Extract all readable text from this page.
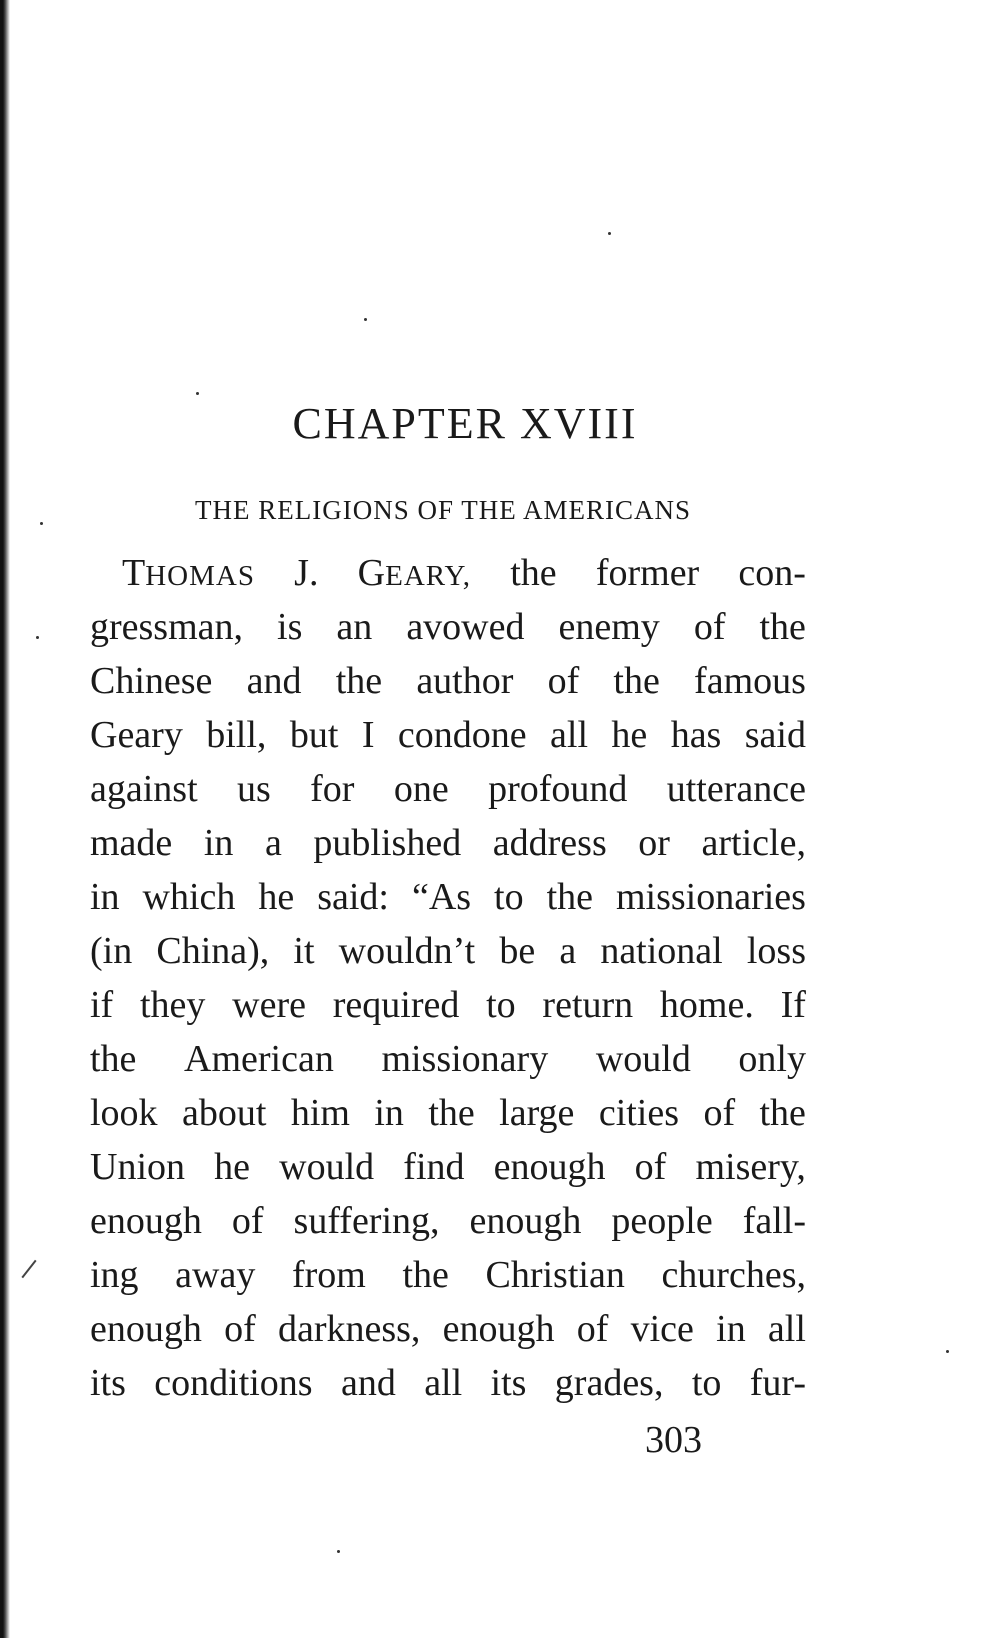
CHAPTER XVIII
THE RELIGIONS OF THE AMERICANS
THOMAS J. GEARY, the former con-
gressman, is an avowed enemy of the
Chinese and the author of the famous
Geary bill, but I condone all he has said
against us for one profound utterance
made in a published address or article,
in which he said: “As to the missionaries
(in China), it wouldn’t be a national loss
if they were required to return home. If
the American missionary would only
look about him in the large cities of the
Union he would find enough of misery,
enough of suffering, enough people fall-
ing away from the Christian churches,
enough of darkness, enough of vice in all
its conditions and all its grades, to fur-
303
